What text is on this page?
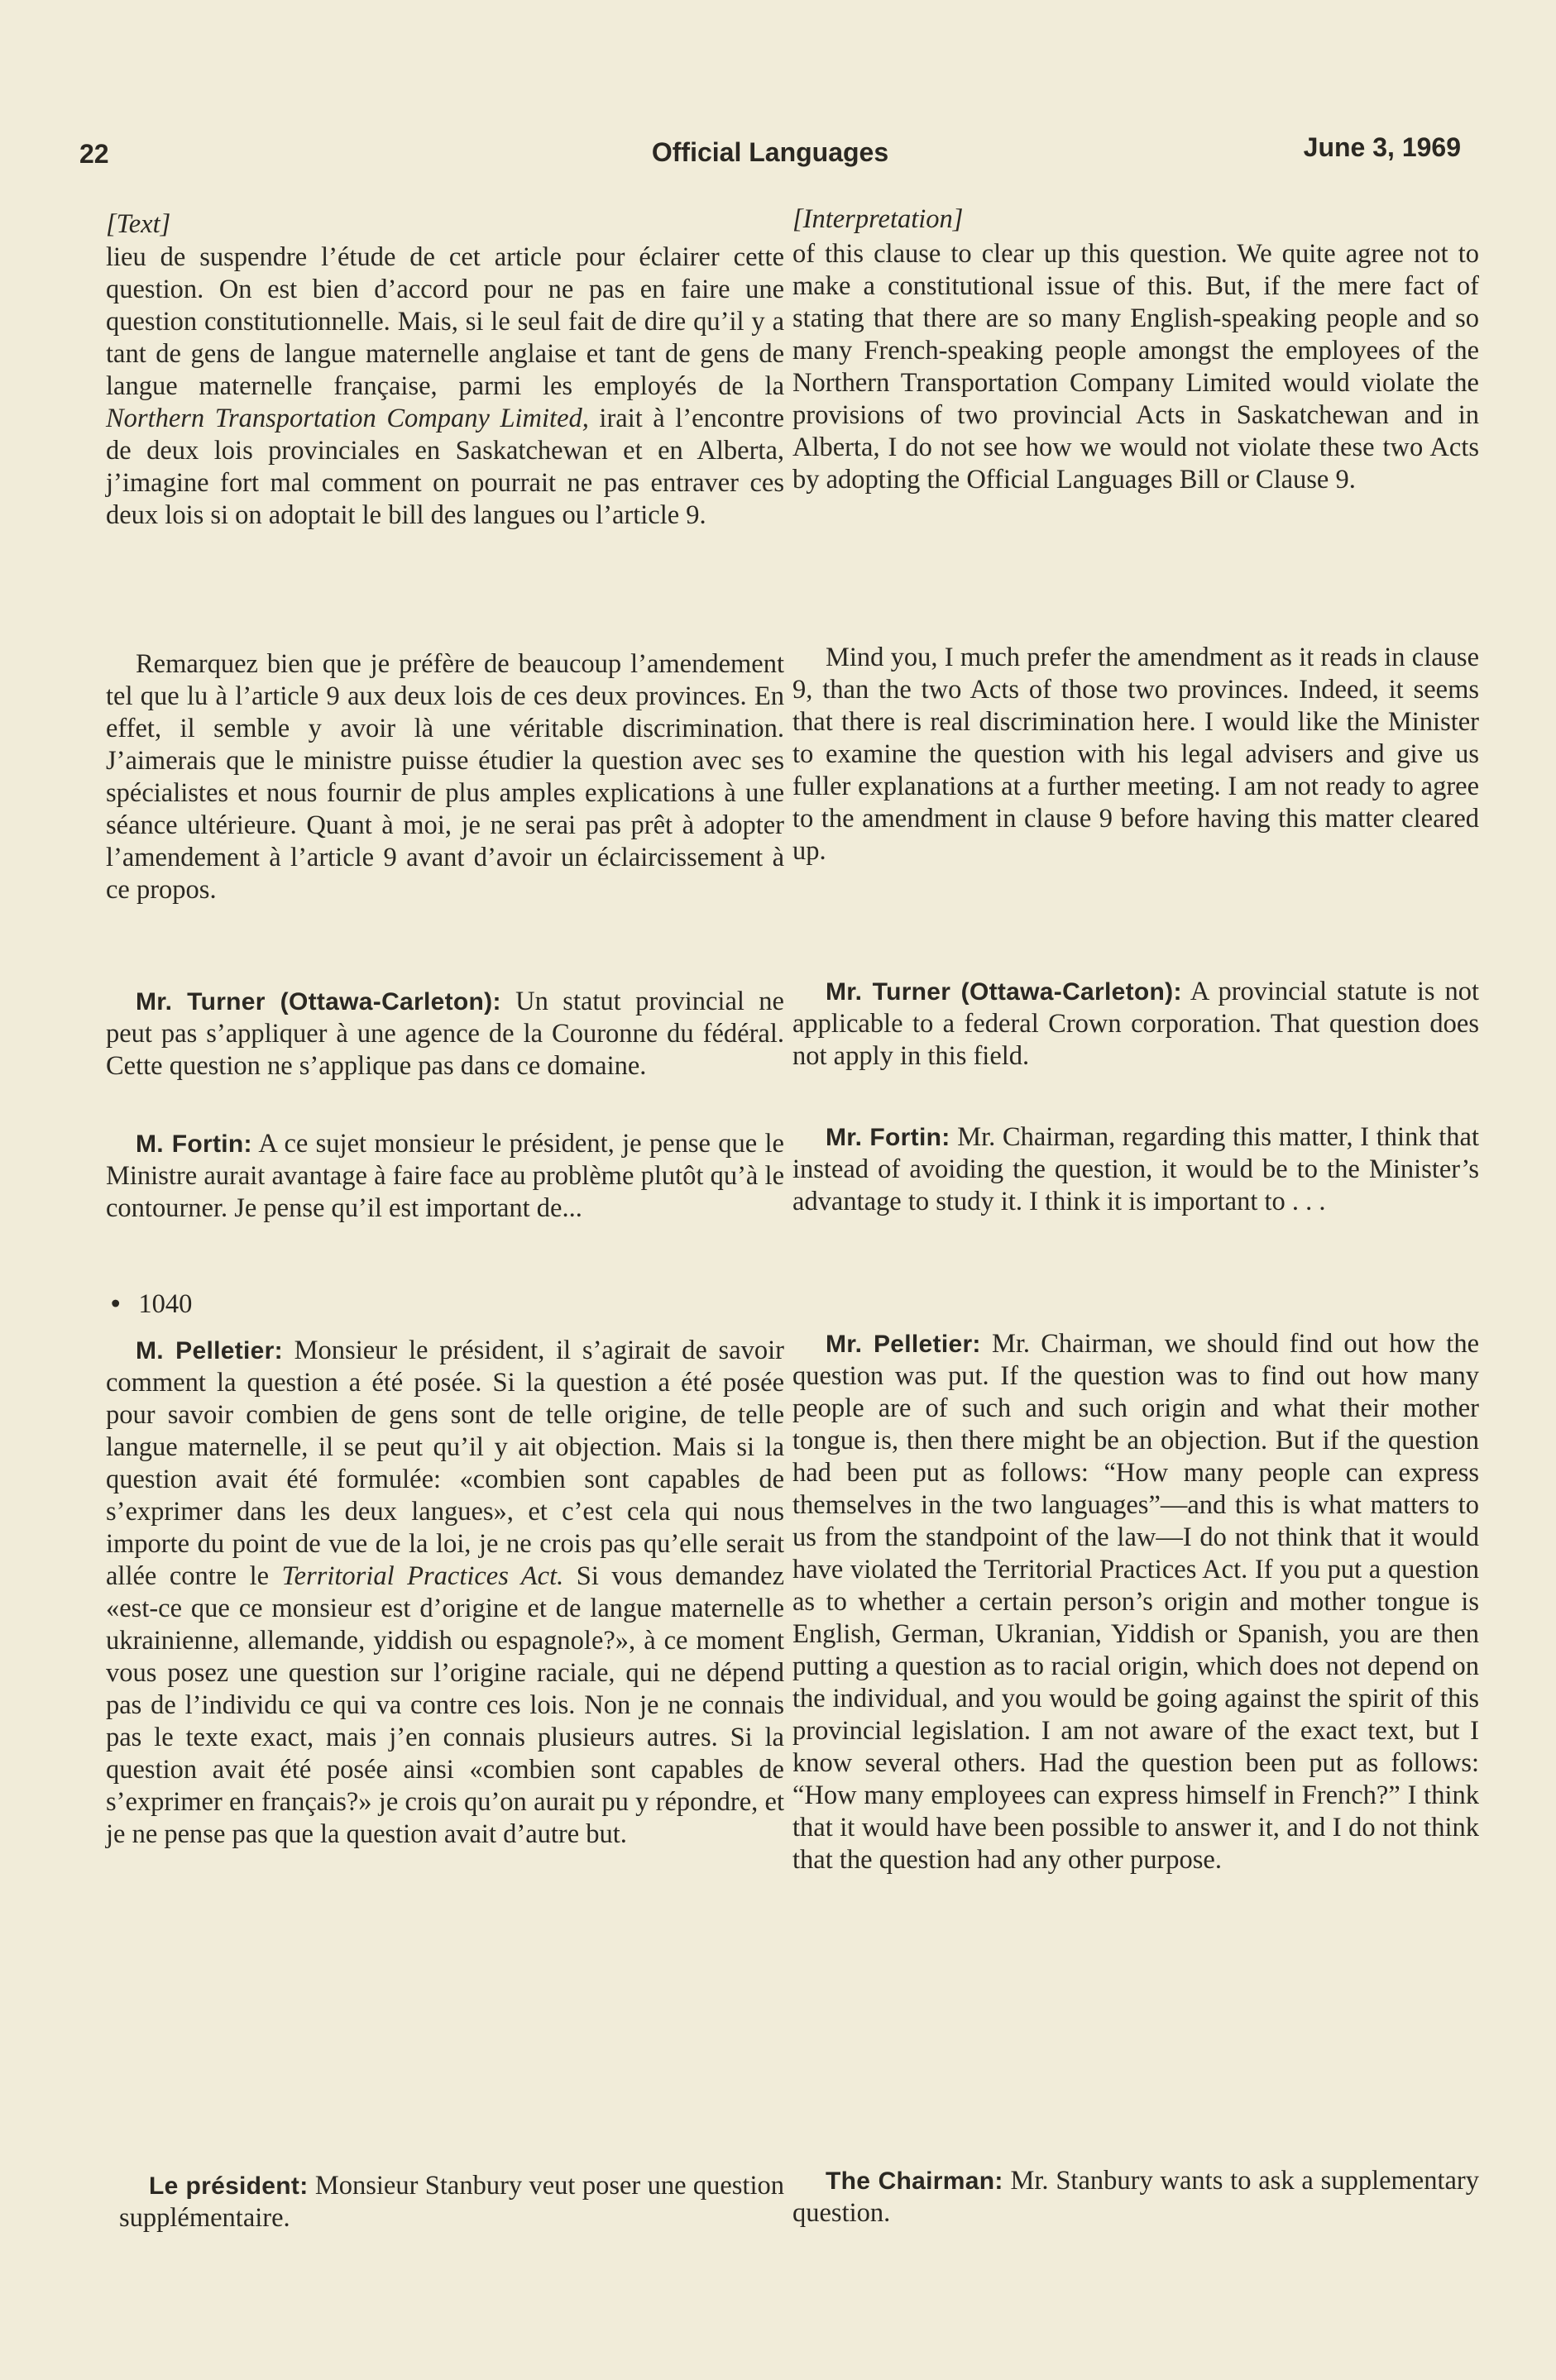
22	Official Languages	June 3, 1969
[Text]
lieu de suspendre l’étude de cet article pour éclairer cette question. On est bien d’accord pour ne pas en faire une question constitutionnelle. Mais, si le seul fait de dire qu’il y a tant de gens de langue maternelle anglaise et tant de gens de langue maternelle française, parmi les employés de la Northern Transportation Company Limited, irait à l’encontre de deux lois provinciales en Saskatchewan et en Alberta, j’imagine fort mal comment on pourrait ne pas entraver ces deux lois si on adoptait le bill des langues ou l’article 9.
Remarquez bien que je préfère de beaucoup l’amendement tel que lu à l’article 9 aux deux lois de ces deux provinces. En effet, il semble y avoir là une véritable discrimination. J’aimerais que le ministre puisse étudier la question avec ses spécialistes et nous fournir de plus amples explications à une séance ultérieure. Quant à moi, je ne serai pas prêt à adopter l’amendement à l’article 9 avant d’avoir un éclaircissement à ce propos.
Mr. Turner (Ottawa-Carleton): Un statut provincial ne peut pas s’appliquer à une agence de la Couronne du fédéral. Cette question ne s’applique pas dans ce domaine.
M. Fortin: A ce sujet monsieur le président, je pense que le Ministre aurait avantage à faire face au problème plutôt qu’à le contourner. Je pense qu’il est important de...
• 1040
M. Pelletier: Monsieur le président, il s’agirait de savoir comment la question a été posée. Si la question a été posée pour savoir combien de gens sont de telle origine, de telle langue maternelle, il se peut qu’il y ait objection. Mais si la question avait été formulée: «combien sont capables de s’exprimer dans les deux langues», et c’est cela qui nous importe du point de vue de la loi, je ne crois pas qu’elle serait allée contre le Territorial Practices Act. Si vous demandez «est-ce que ce monsieur est d’origine et de langue maternelle ukrainienne, allemande, yiddish ou espagnole?», à ce moment vous posez une question sur l’origine raciale, qui ne dépend pas de l’individu ce qui va contre ces lois. Non je ne connais pas le texte exact, mais j’en connais plusieurs autres. Si la question avait été posée ainsi «combien sont capables de s’exprimer en français?» je crois qu’on aurait pu y répondre, et je ne pense pas que la question avait d’autre but.
Le président: Monsieur Stanbury veut poser une question supplémentaire.
[Interpretation]
of this clause to clear up this question. We quite agree not to make a constitutional issue of this. But, if the mere fact of stating that there are so many English-speaking people and so many French-speaking people amongst the employees of the Northern Transportation Company Limited would violate the provisions of two provincial Acts in Saskatchewan and in Alberta, I do not see how we would not violate these two Acts by adopting the Official Languages Bill or Clause 9.
Mind you, I much prefer the amendment as it reads in clause 9, than the two Acts of those two provinces. Indeed, it seems that there is real discrimination here. I would like the Minister to examine the question with his legal advisers and give us fuller explanations at a further meeting. I am not ready to agree to the amendment in clause 9 before having this matter cleared up.
Mr. Turner (Ottawa-Carleton): A provincial statute is not applicable to a federal Crown corporation. That question does not apply in this field.
Mr. Fortin: Mr. Chairman, regarding this matter, I think that instead of avoiding the question, it would be to the Minister’s advantage to study it. I think it is important to . . .
Mr. Pelletier: Mr. Chairman, we should find out how the question was put. If the question was to find out how many people are of such and such origin and what their mother tongue is, then there might be an objection. But if the question had been put as follows: “How many people can express themselves in the two languages”—and this is what matters to us from the standpoint of the law—I do not think that it would have violated the Territorial Practices Act. If you put a question as to whether a certain person’s origin and mother tongue is English, German, Ukranian, Yiddish or Spanish, you are then putting a question as to racial origin, which does not depend on the individual, and you would be going against the spirit of this provincial legislation. I am not aware of the exact text, but I know several others. Had the question been put as follows: “How many employees can express himself in French?” I think that it would have been possible to answer it, and I do not think that the question had any other purpose.
The Chairman: Mr. Stanbury wants to ask a supplementary question.
